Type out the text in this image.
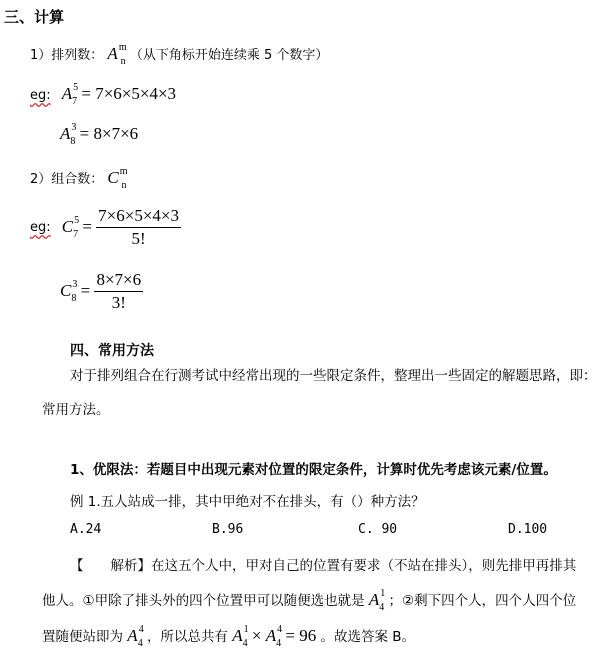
三、计算
1）排列数： $A^m_n$ （从下角标开始连续乘 5 个数字）
eg: $A^5_7 = 7\times 6\times 5\times 4\times 3$
$A^3_8 = 8\times 7\times 6$
2）组合数： $C^m_n$
eg: $C^5_7 = \frac{7\times 6\times 5\times 4\times 3}{5!}$
$C^3_8 = \frac{8\times 7\times 6}{3!}$
四、常用方法
对于排列组合在行测考试中经常出现的一些限定条件，整理出一些固定的解题思路，即：
常用方法。
1、优限法：若题目中出现元素对位置的限定条件，计算时优先考虑该元素/位置。
例 1.五人站成一排，其中甲绝对不在排头，有（）种方法？
A.24	B.96	C. 90	D.100
【　　解析】在这五个人中，甲对自己的位置有要求（不站在排头），则先排甲再排其
他人。①甲除了排头外的四个位置甲可以随便选也就是 $A^1_4$ ；②剩下四个人，四个人四个位
置随便站即为 $A^4_4$ ，所以总共有 $A^1_4 \times A^4_4 = 96$ 。故选答案 B。
